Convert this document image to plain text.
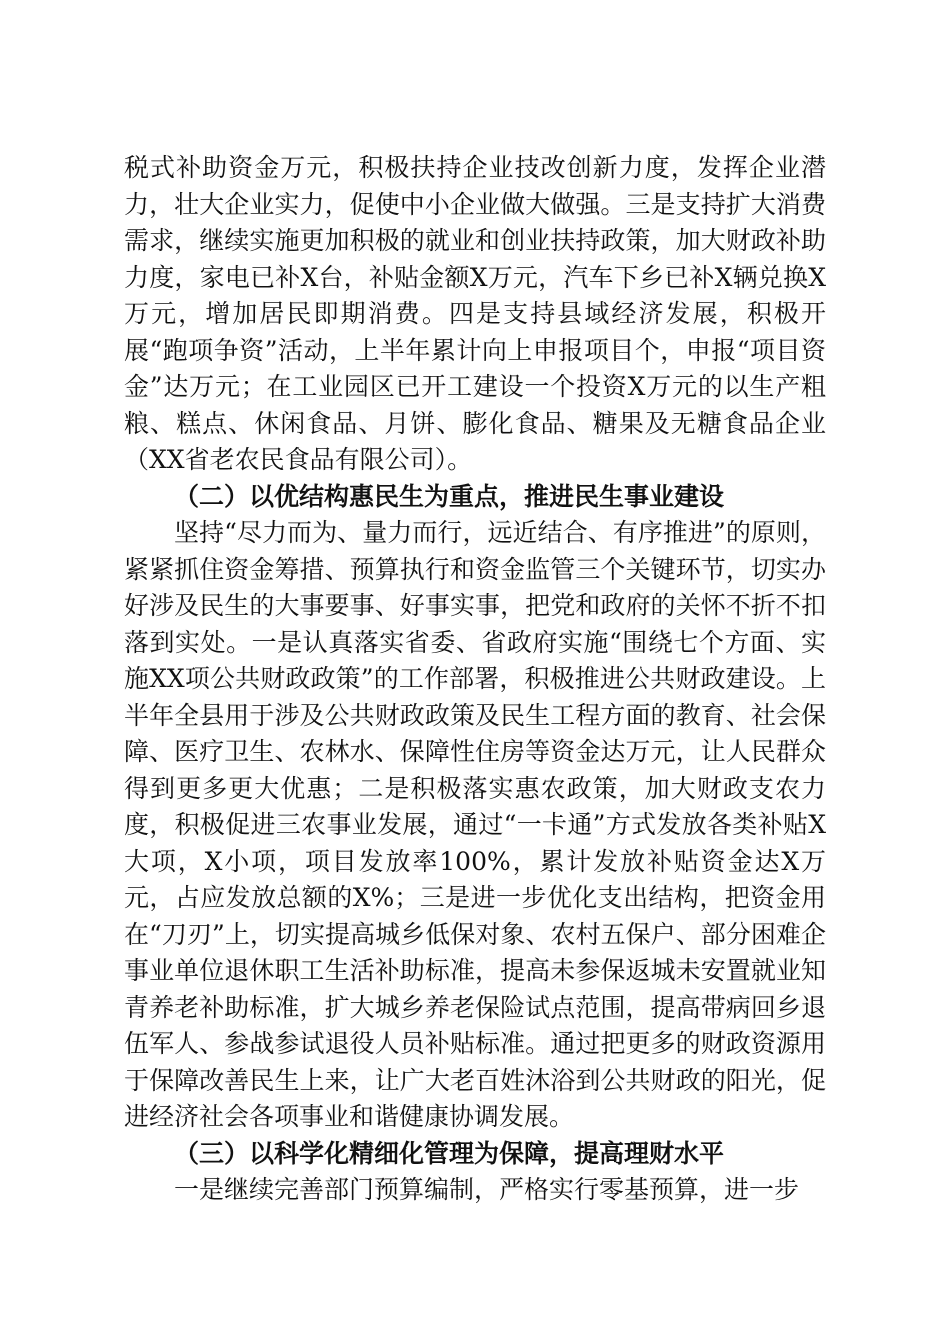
税式补助资金万元，积极扶持企业技改创新力度，发挥企业潜力，壮大企业实力，促使中小企业做大做强。三是支持扩大消费需求，继续实施更加积极的就业和创业扶持政策，加大财政补助力度，家电已补X台，补贴金额X万元，汽车下乡已补X辆兑换X万元，增加居民即期消费。四是支持县域经济发展，积极开展“跑项争资”活动，上半年累计向上申报项目个，申报“项目资金”达万元；在工业园区已开工建设一个投资X万元的以生产粗粮、糕点、休闲食品、月饼、膨化食品、糖果及无糖食品企业（XX省老农民食品有限公司）。

（二）以优结构惠民生为重点，推进民生事业建设

坚持“尽力而为、量力而行，远近结合、有序推进”的原则，紧紧抓住资金筹措、预算执行和资金监管三个关键环节，切实办好涉及民生的大事要事、好事实事，把党和政府的关怀不折不扣落到实处。一是认真落实省委、省政府实施“围绕七个方面、实施XX项公共财政政策”的工作部署，积极推进公共财政建设。上半年全县用于涉及公共财政政策及民生工程方面的教育、社会保障、医疗卫生、农林水、保障性住房等资金达万元，让人民群众得到更多更大优惠；二是积极落实惠农政策，加大财政支农力度，积极促进三农事业发展，通过“一卡通”方式发放各类补贴X大项，X小项，项目发放率100%，累计发放补贴资金达X万元，占应发放总额的X%；三是进一步优化支出结构，把资金用在“刀刃”上，切实提高城乡低保对象、农村五保户、部分困难企事业单位退休职工生活补助标准，提高未参保返城未安置就业知青养老补助标准，扩大城乡养老保险试点范围，提高带病回乡退伍军人、参战参试退役人员补贴标准。通过把更多的财政资源用于保障改善民生上来，让广大老百姓沐浴到公共财政的阳光，促进经济社会各项事业和谐健康协调发展。

（三）以科学化精细化管理为保障，提高理财水平

一是继续完善部门预算编制，严格实行零基预算，进一步
